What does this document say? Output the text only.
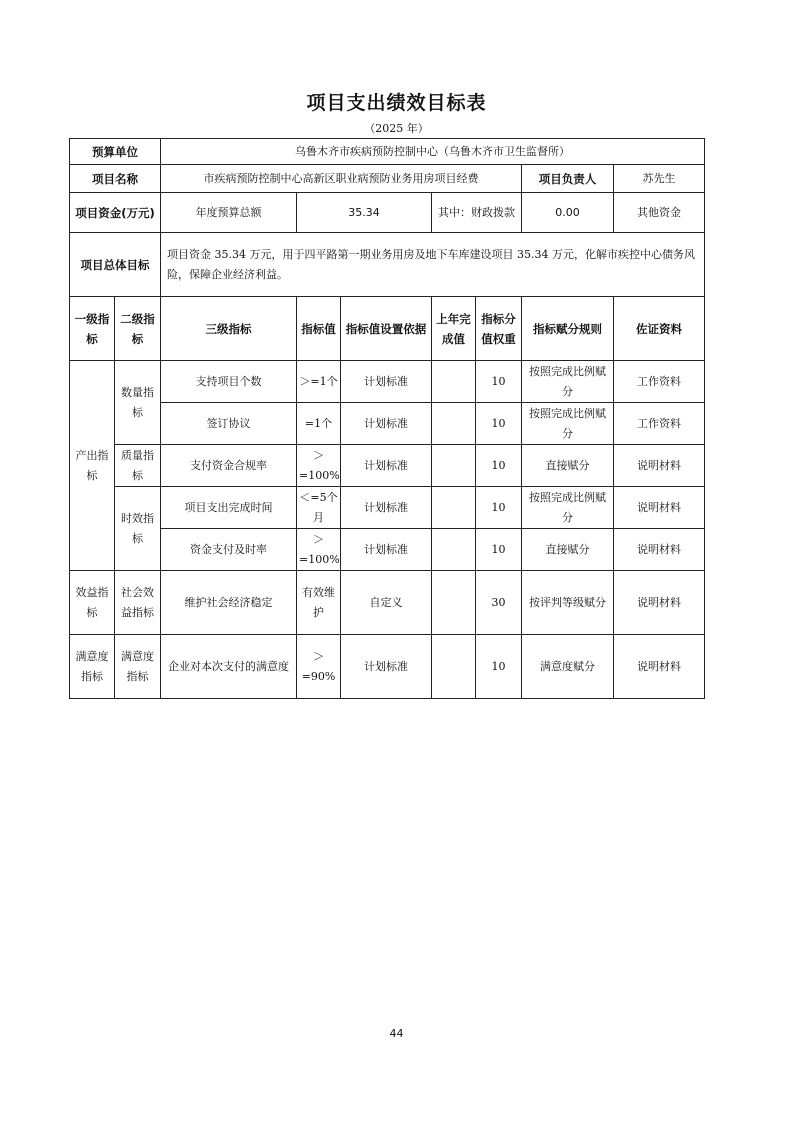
项目支出绩效目标表
（2025 年）
预算单位		乌鲁木齐市疾病预防控制中心（乌鲁木齐市卫生监督所）							
项目名称		市疾病预防控制中心高新区职业病预防业务用房项目经费					项目负责人	苏先生	
项目资金(万元)		年度预算总额	35.34		其中：财政拨款		0.00	其他资金	
项目总体目标		项目资金 35.34 万元，用于四平路第一期业务用房及地下车库建设项目 35.34 万元，化解市疾控中心债务风险，保障企业经济利益。							
一级指标	二级指标	三级指标	指标值	指标值设置依据	上年完成值	指标分值权重	指标赋分规则	佐证资料	
产出指标	数量指标	支持项目个数	＞=1个	计划标准		10	按照完成比例赋分	工作资料	
		签订协议	=1个	计划标准		10	按照完成比例赋分	工作资料	
	质量指标	支付资金合规率	＞=100%	计划标准		10	直接赋分	说明材料	
	时效指标	项目支出完成时间	＜=5个月	计划标准		10	按照完成比例赋分	说明材料	
		资金支付及时率	＞=100%	计划标准		10	直接赋分	说明材料	
效益指标	社会效益指标	维护社会经济稳定	有效维护	自定义		30	按评判等级赋分	说明材料	
满意度指标	满意度指标	企业对本次支付的满意度	＞=90%	计划标准		10	满意度赋分	说明材料	
44
